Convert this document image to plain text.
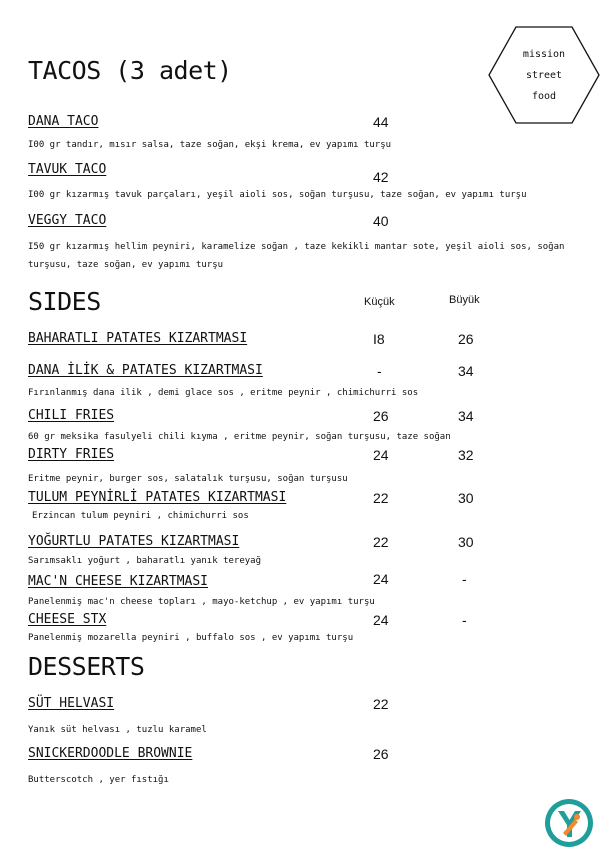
mission
street
food
TACOS (3 adet)
DANA TACO	44
I00 gr tandır, mısır salsa, taze soğan, ekşi krema, ev yapımı turşu
TAVUK TACO	42
I00 gr kızarmış tavuk parçaları, yeşil aioli sos, soğan turşusu, taze soğan, ev yapımı turşu
VEGGY TACO	40
I50 gr kızarmış hellim peyniri, karamelize soğan , taze kekikli mantar sote, yeşil aioli sos, soğan
turşusu, taze soğan, ev yapımı turşu
SIDES	Küçük	Büyük
BAHARATLI PATATES KIZARTMASI	I8	26
DANA İLİK & PATATES KIZARTMASI	-	34
Fırınlanmış dana ilik , demi glace sos , eritme peynir , chimichurri sos
CHILI FRIES	26	34
60 gr meksika fasulyeli chili kıyma , eritme peynir, soğan turşusu, taze soğan
DIRTY FRIES	24	32
Eritme peynir, burger sos, salatalık turşusu, soğan turşusu
TULUM PEYNİRLİ PATATES KIZARTMASI	22	30
Erzincan tulum peyniri , chimichurri sos
YOĞURTLU PATATES KIZARTMASI	22	30
Sarımsaklı yoğurt , baharatlı yanık tereyağ
MAC'N CHEESE KIZARTMASI	24	-
Panelenmiş mac'n cheese topları , mayo-ketchup , ev yapımı turşu
CHEESE STX	24	-
Panelenmiş mozarella peyniri , buffalo sos , ev yapımı turşu
DESSERTS
SÜT HELVASI	22
Yanık süt helvası , tuzlu karamel
SNICKERDOODLE BROWNIE	26
Butterscotch , yer fıstığı
